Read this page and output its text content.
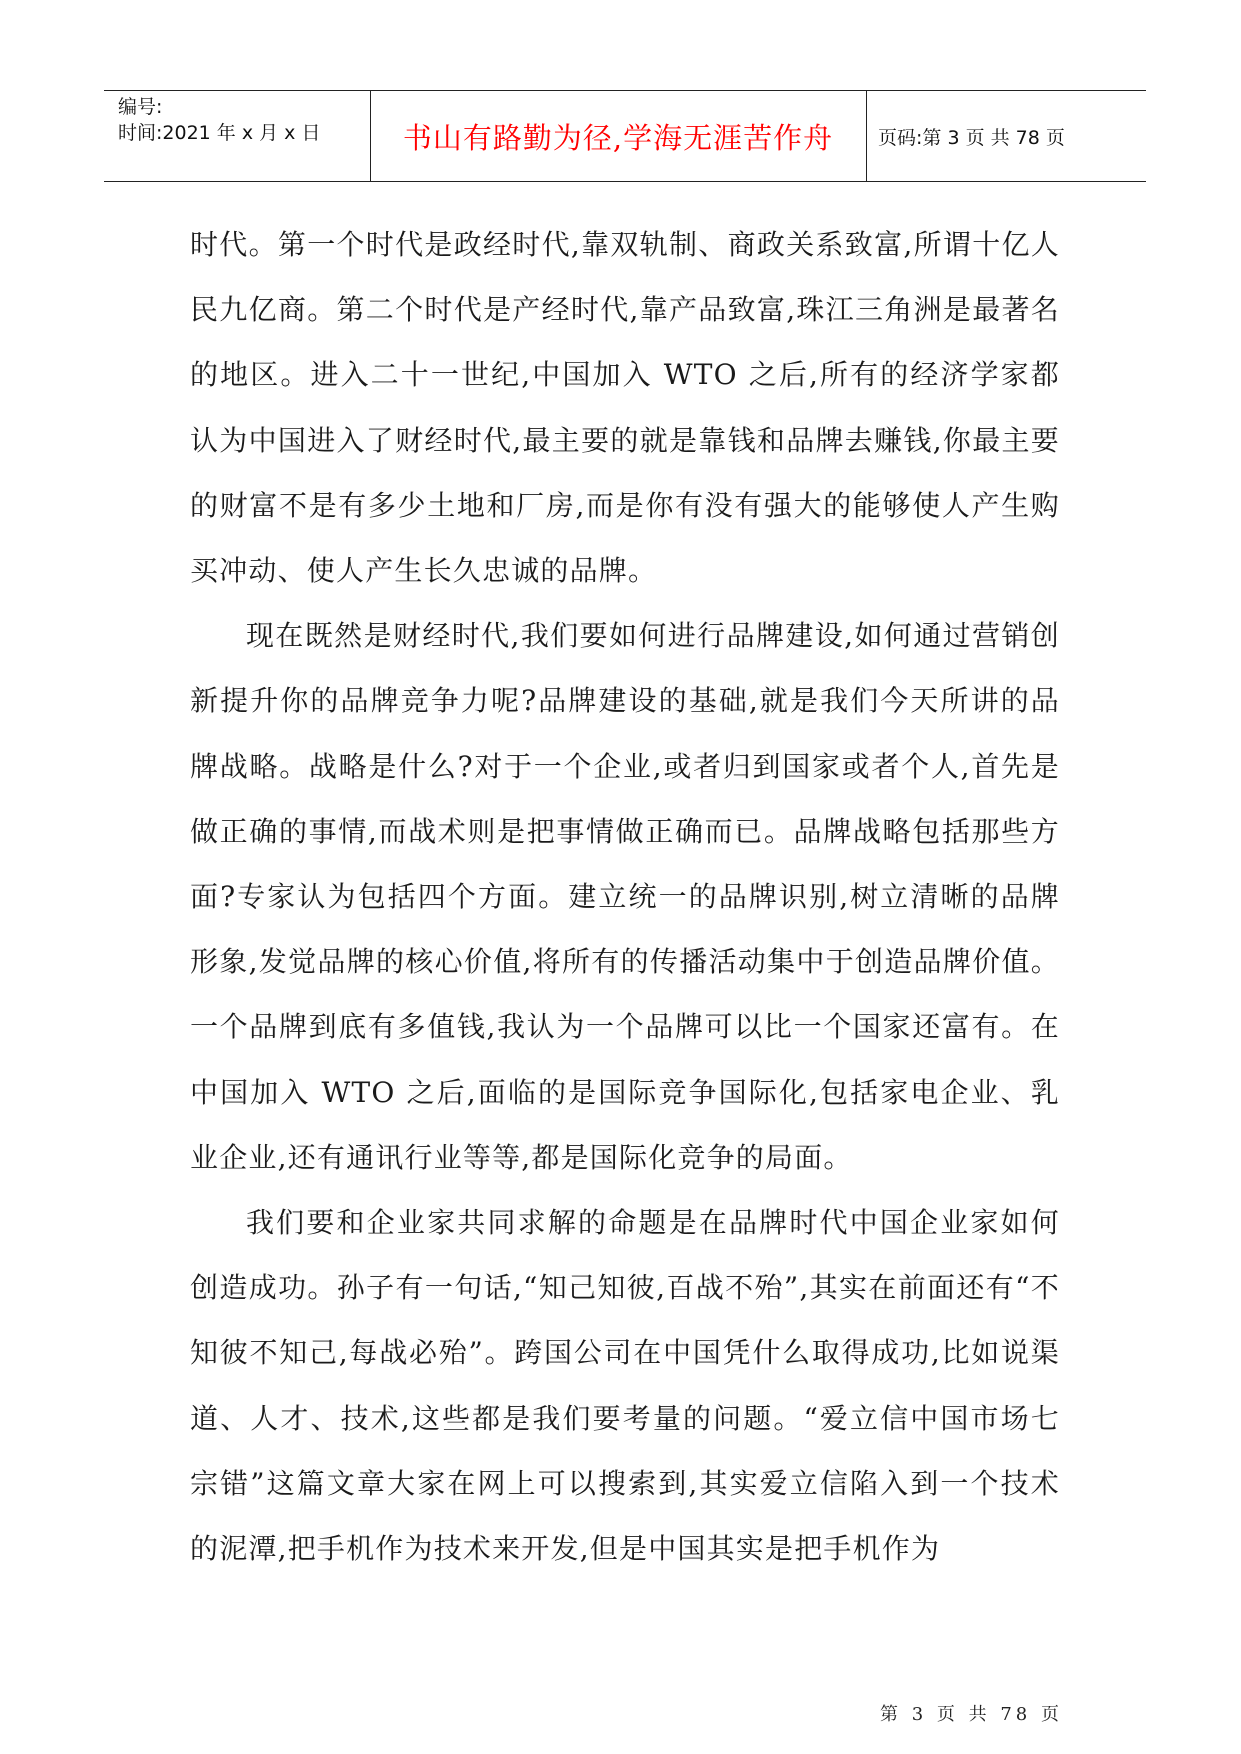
编号:
时间:2021 年 x 月 x 日	书山有路勤为径,学海无涯苦作舟 页码:第 3 页 共 78 页

时代。第一个时代是政经时代,靠双轨制、商政关系致富,所谓十亿人民九亿商。第二个时代是产经时代,靠产品致富,珠江三角洲是最著名的地区。进入二十一世纪,中国加入 WTO 之后,所有的经济学家都认为中国进入了财经时代,最主要的就是靠钱和品牌去赚钱,你最主要的财富不是有多少土地和厂房,而是你有没有强大的能够使人产生购买冲动、使人产生长久忠诚的品牌。

现在既然是财经时代,我们要如何进行品牌建设,如何通过营销创新提升你的品牌竞争力呢?品牌建设的基础,就是我们今天所讲的品牌战略。战略是什么?对于一个企业,或者归到国家或者个人,首先是做正确的事情,而战术则是把事情做正确而已。品牌战略包括那些方面?专家认为包括四个方面。建立统一的品牌识别,树立清晰的品牌形象,发觉品牌的核心价值,将所有的传播活动集中于创造品牌价值。一个品牌到底有多值钱,我认为一个品牌可以比一个国家还富有。在中国加入 WTO 之后,面临的是国际竞争国际化,包括家电企业、乳业企业,还有通讯行业等等,都是国际化竞争的局面。

我们要和企业家共同求解的命题是在品牌时代中国企业家如何创造成功。孙子有一句话,“知己知彼,百战不殆”,其实在前面还有“不知彼不知己,每战必殆”。跨国公司在中国凭什么取得成功,比如说渠道、人才、技术,这些都是我们要考量的问题。“爱立信中国市场七宗错”这篇文章大家在网上可以搜索到,其实爱立信陷入到一个技术的泥潭,把手机作为技术来开发,但是中国其实是把手机作为

第 3 页 共 78 页
